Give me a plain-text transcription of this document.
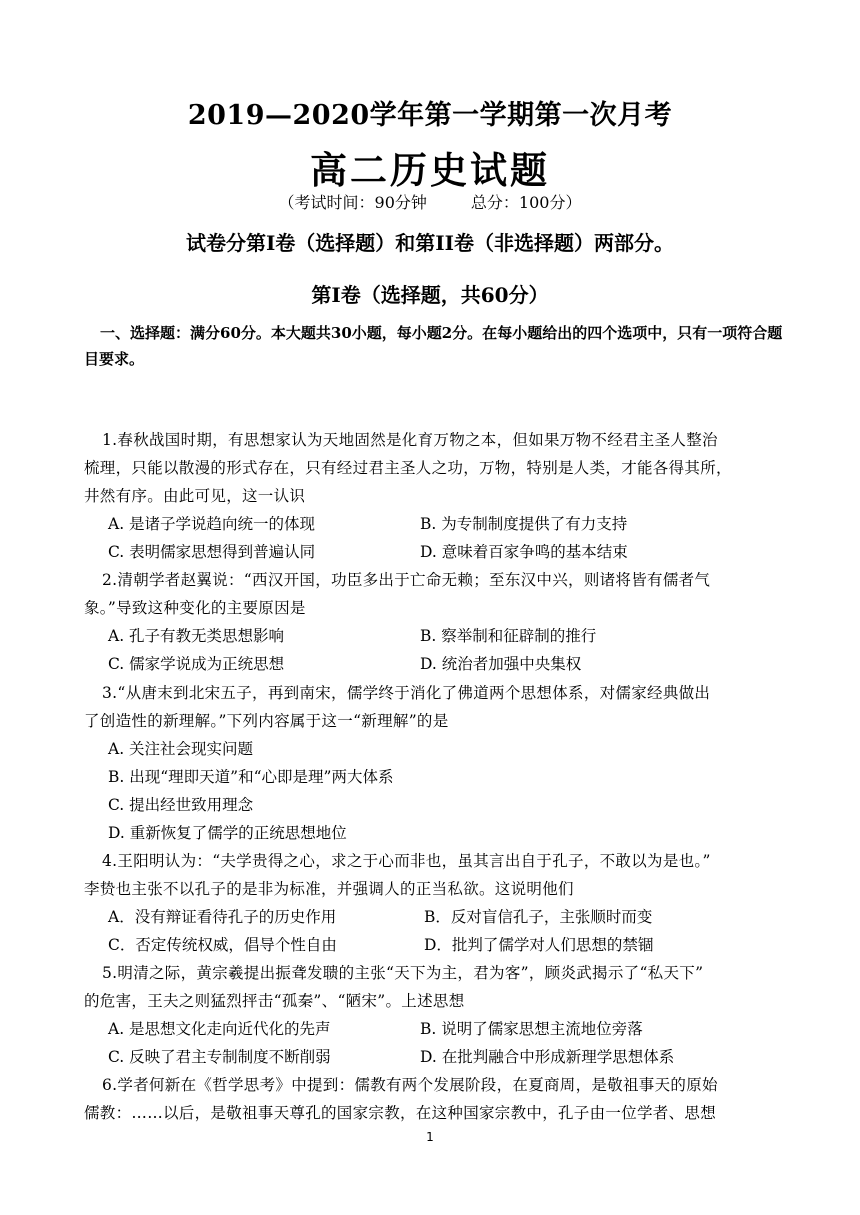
2019—2020学年第一学期第一次月考
高二历史试题
（考试时间：90分钟	总分：100分）
试卷分第Ⅰ卷（选择题）和第II卷（非选择题）两部分。
第Ⅰ卷（选择题，共60分）
一、选择题：满分60分。本大题共30小题，每小题2分。在每小题给出的四个选项中，只有一项符合题目要求。
1.春秋战国时期，有思想家认为天地固然是化育万物之本，但如果万物不经君主圣人整治
梳理，只能以散漫的形式存在，只有经过君主圣人之功，万物，特别是人类，才能各得其所，
井然有序。由此可见，这一认识
A. 是诸子学说趋向统一的体现	B. 为专制制度提供了有力支持
C. 表明儒家思想得到普遍认同	D. 意味着百家争鸣的基本结束
2.清朝学者赵翼说：“西汉开国，功臣多出于亡命无赖；至东汉中兴，则诸将皆有儒者气
象。”导致这种变化的主要原因是
A. 孔子有教无类思想影响	B. 察举制和征辟制的推行
C. 儒家学说成为正统思想	D. 统治者加强中央集权
3.“从唐末到北宋五子，再到南宋，儒学终于消化了佛道两个思想体系，对儒家经典做出
了创造性的新理解。”下列内容属于这一“新理解”的是
A. 关注社会现实问题
B. 出现“理即天道”和“心即是理”两大体系
C. 提出经世致用理念
D. 重新恢复了儒学的正统思想地位
4.王阳明认为：“夫学贵得之心，求之于心而非也，虽其言出自于孔子，不敢以为是也。”
李贽也主张不以孔子的是非为标准，并强调人的正当私欲。这说明他们
A．没有辩证看待孔子的历史作用	B．反对盲信孔子，主张顺时而变
C．否定传统权威，倡导个性自由	D．批判了儒学对人们思想的禁锢
5.明清之际，黄宗羲提出振聋发聩的主张“天下为主，君为客”，顾炎武揭示了“私天下”
的危害，王夫之则猛烈抨击“孤秦”、“陋宋”。上述思想
A. 是思想文化走向近代化的先声	B. 说明了儒家思想主流地位旁落
C. 反映了君主专制制度不断削弱	D. 在批判融合中形成新理学思想体系
6.学者何新在《哲学思考》中提到：儒教有两个发展阶段，在夏商周，是敬祖事天的原始
儒教：……以后，是敬祖事天尊孔的国家宗教，在这种国家宗教中，孔子由一位学者、思想
1
